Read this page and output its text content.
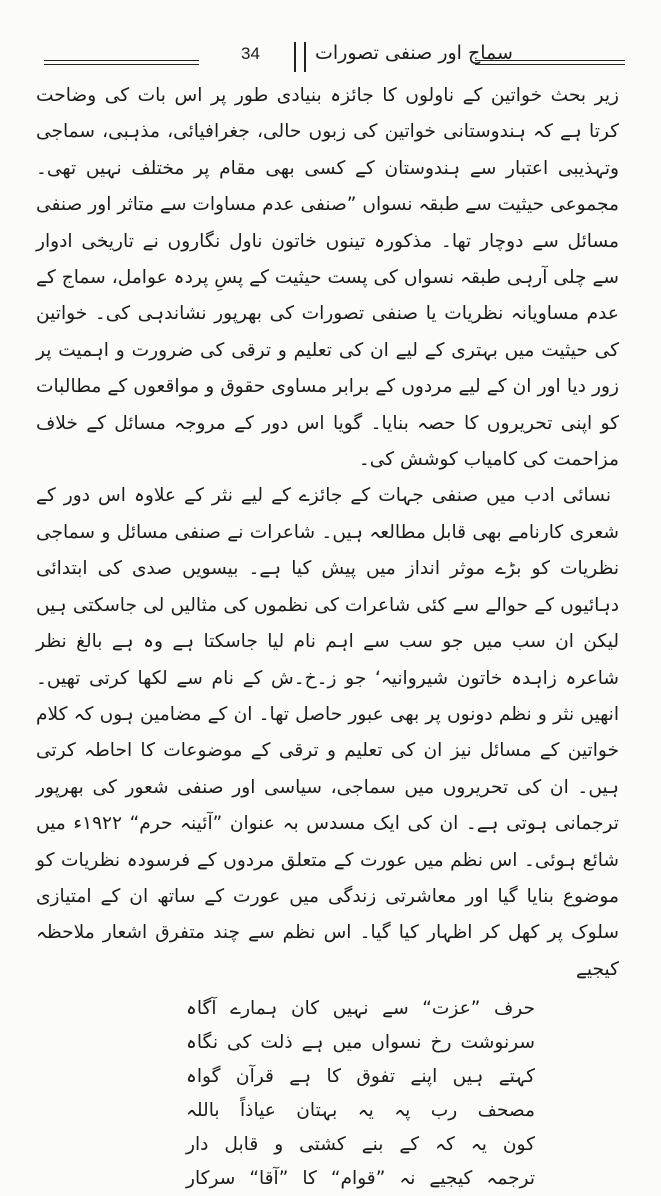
34	سماج اور صنفی تصورات

زیر بحث خواتین کے ناولوں کا جائزہ بنیادی طور پر اس بات کی وضاحت کرتا ہے کہ ہندوستانی خواتین کی زبوں حالی، جغرافیائی، مذہبی، سماجی وتہذیبی اعتبار سے ہندوستان کے کسی بھی مقام پر مختلف نہیں تھی۔ مجموعی حیثیت سے طبقہ نسواں ”صنفی عدم مساوات سے متاثر اور صنفی مسائل سے دوچار تھا۔ مذکورہ تینوں خاتون ناول نگاروں نے تاریخی ادوار سے چلی آرہی طبقہ نسواں کی پست حیثیت کے پسِ پردہ عوامل، سماج کے عدم مساویانہ نظریات یا صنفی تصورات کی بھرپور نشاندہی کی۔ خواتین کی حیثیت میں بہتری کے لیے ان کی تعلیم و ترقی کی ضرورت و اہمیت پر زور دیا اور ان کے لیے مردوں کے برابر مساوی حقوق و مواقعوں کے مطالبات کو اپنی تحریروں کا حصہ بنایا۔ گویا اس دور کے مروجہ مسائل کے خلاف مزاحمت کی کامیاب کوشش کی۔

نسائی ادب میں صنفی جہات کے جائزے کے لیے نثر کے علاوہ اس دور کے شعری کارنامے بھی قابل مطالعہ ہیں۔ شاعرات نے صنفی مسائل و سماجی نظریات کو بڑے موثر انداز میں پیش کیا ہے۔ بیسویں صدی کی ابتدائی دہائیوں کے حوالے سے کئی شاعرات کی نظموں کی مثالیں لی جاسکتی ہیں لیکن ان سب میں جو سب سے اہم نام لیا جاسکتا ہے وہ ہے بالغ نظر شاعرہ زاہدہ خاتون شیروانیہ‘ جو ز۔خ۔ش کے نام سے لکھا کرتی تھیں۔ انھیں نثر و نظم دونوں پر بھی عبور حاصل تھا۔ ان کے مضامین ہوں کہ کلام خواتین کے مسائل نیز ان کی تعلیم و ترقی کے موضوعات کا احاطہ کرتی ہیں۔ ان کی تحریروں میں سماجی، سیاسی اور صنفی شعور کی بھرپور ترجمانی ہوتی ہے۔ ان کی ایک مسدس بہ عنوان ”آئینہ حرم“ ۱۹۲۲ء میں شائع ہوئی۔ اس نظم میں عورت کے متعلق مردوں کے فرسودہ نظریات کو موضوع بنایا گیا اور معاشرتی زندگی میں عورت کے ساتھ ان کے امتیازی سلوک پر کھل کر اظہار کیا گیا۔ اس نظم سے چند متفرق اشعار ملاحظہ کیجیے

حرف ”عزت“ سے نہیں کان ہمارے آگاہ
سرنوشت رخ نسواں میں ہے ذلت کی نگاہ
کہتے ہیں اپنے تفوق کا ہے قرآن گواہ
مصحف رب پہ یہ بہتان عیاذاً باللہ
کون یہ کہ کے بنے کشتی و قابل دار
ترجمہ کیجیے نہ ”قوام“ کا ”آقا“ سرکار
